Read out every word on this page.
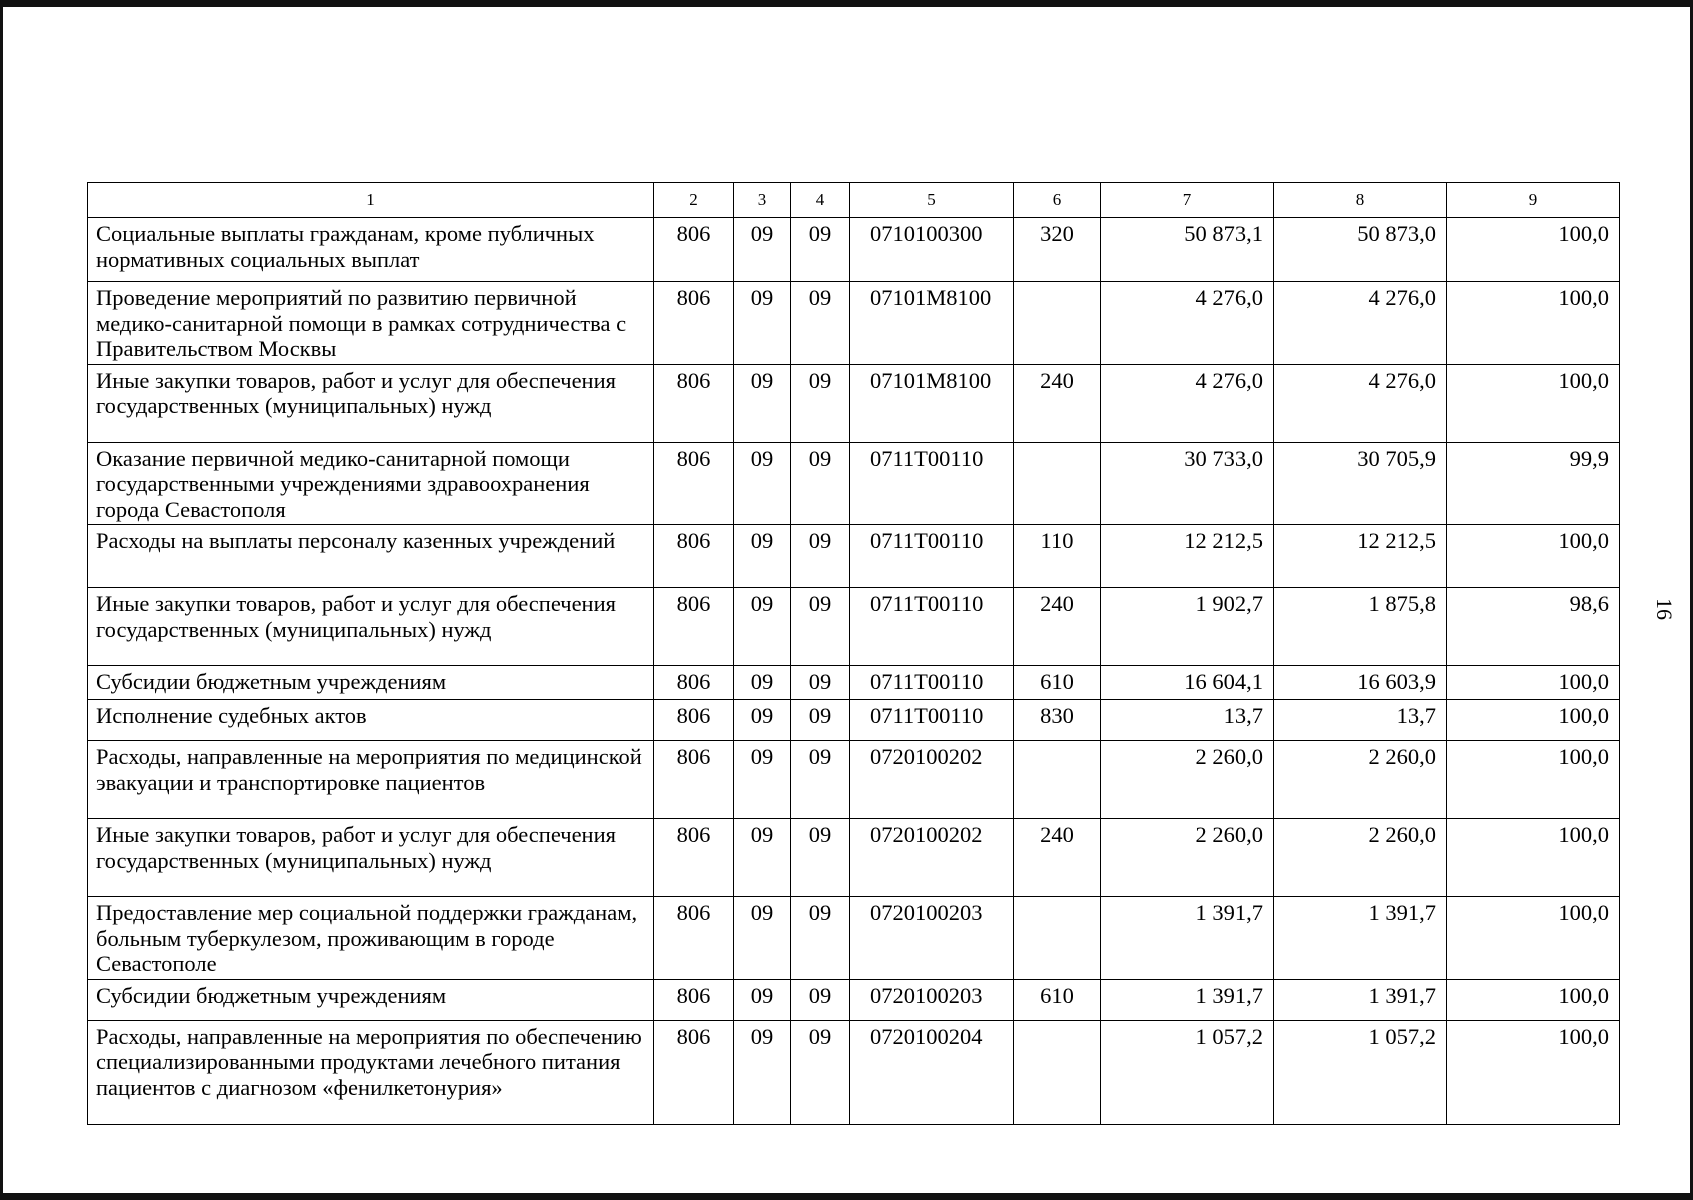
1	2	3	4	5	6	7	8	9
Социальные выплаты гражданам, кроме публичных нормативных социальных выплат	806	09	09	0710100300	320	50 873,1	50 873,0	100,0
Проведение мероприятий по развитию первичной медико-санитарной помощи в рамках сотрудничества с Правительством Москвы	806	09	09	07101M8100		4 276,0	4 276,0	100,0
Иные закупки товаров, работ и услуг для обеспечения государственных (муниципальных) нужд	806	09	09	07101M8100	240	4 276,0	4 276,0	100,0
Оказание первичной медико-санитарной помощи государственными учреждениями здравоохранения города Севастополя	806	09	09	0711T00110		30 733,0	30 705,9	99,9
Расходы на выплаты персоналу казенных учреждений	806	09	09	0711T00110	110	12 212,5	12 212,5	100,0
Иные закупки товаров, работ и услуг для обеспечения государственных (муниципальных) нужд	806	09	09	0711T00110	240	1 902,7	1 875,8	98,6
Субсидии бюджетным учреждениям	806	09	09	0711T00110	610	16 604,1	16 603,9	100,0
Исполнение судебных актов	806	09	09	0711T00110	830	13,7	13,7	100,0
Расходы, направленные на мероприятия по медицинской эвакуации и транспортировке пациентов	806	09	09	0720100202		2 260,0	2 260,0	100,0
Иные закупки товаров, работ и услуг для обеспечения государственных (муниципальных) нужд	806	09	09	0720100202	240	2 260,0	2 260,0	100,0
Предоставление мер социальной поддержки гражданам, больным туберкулезом, проживающим в городе Севастополе	806	09	09	0720100203		1 391,7	1 391,7	100,0
Субсидии бюджетным учреждениям	806	09	09	0720100203	610	1 391,7	1 391,7	100,0
Расходы, направленные на мероприятия по обеспечению специализированными продуктами лечебного питания пациентов с диагнозом «фенилкетонурия»	806	09	09	0720100204		1 057,2	1 057,2	100,0
16
